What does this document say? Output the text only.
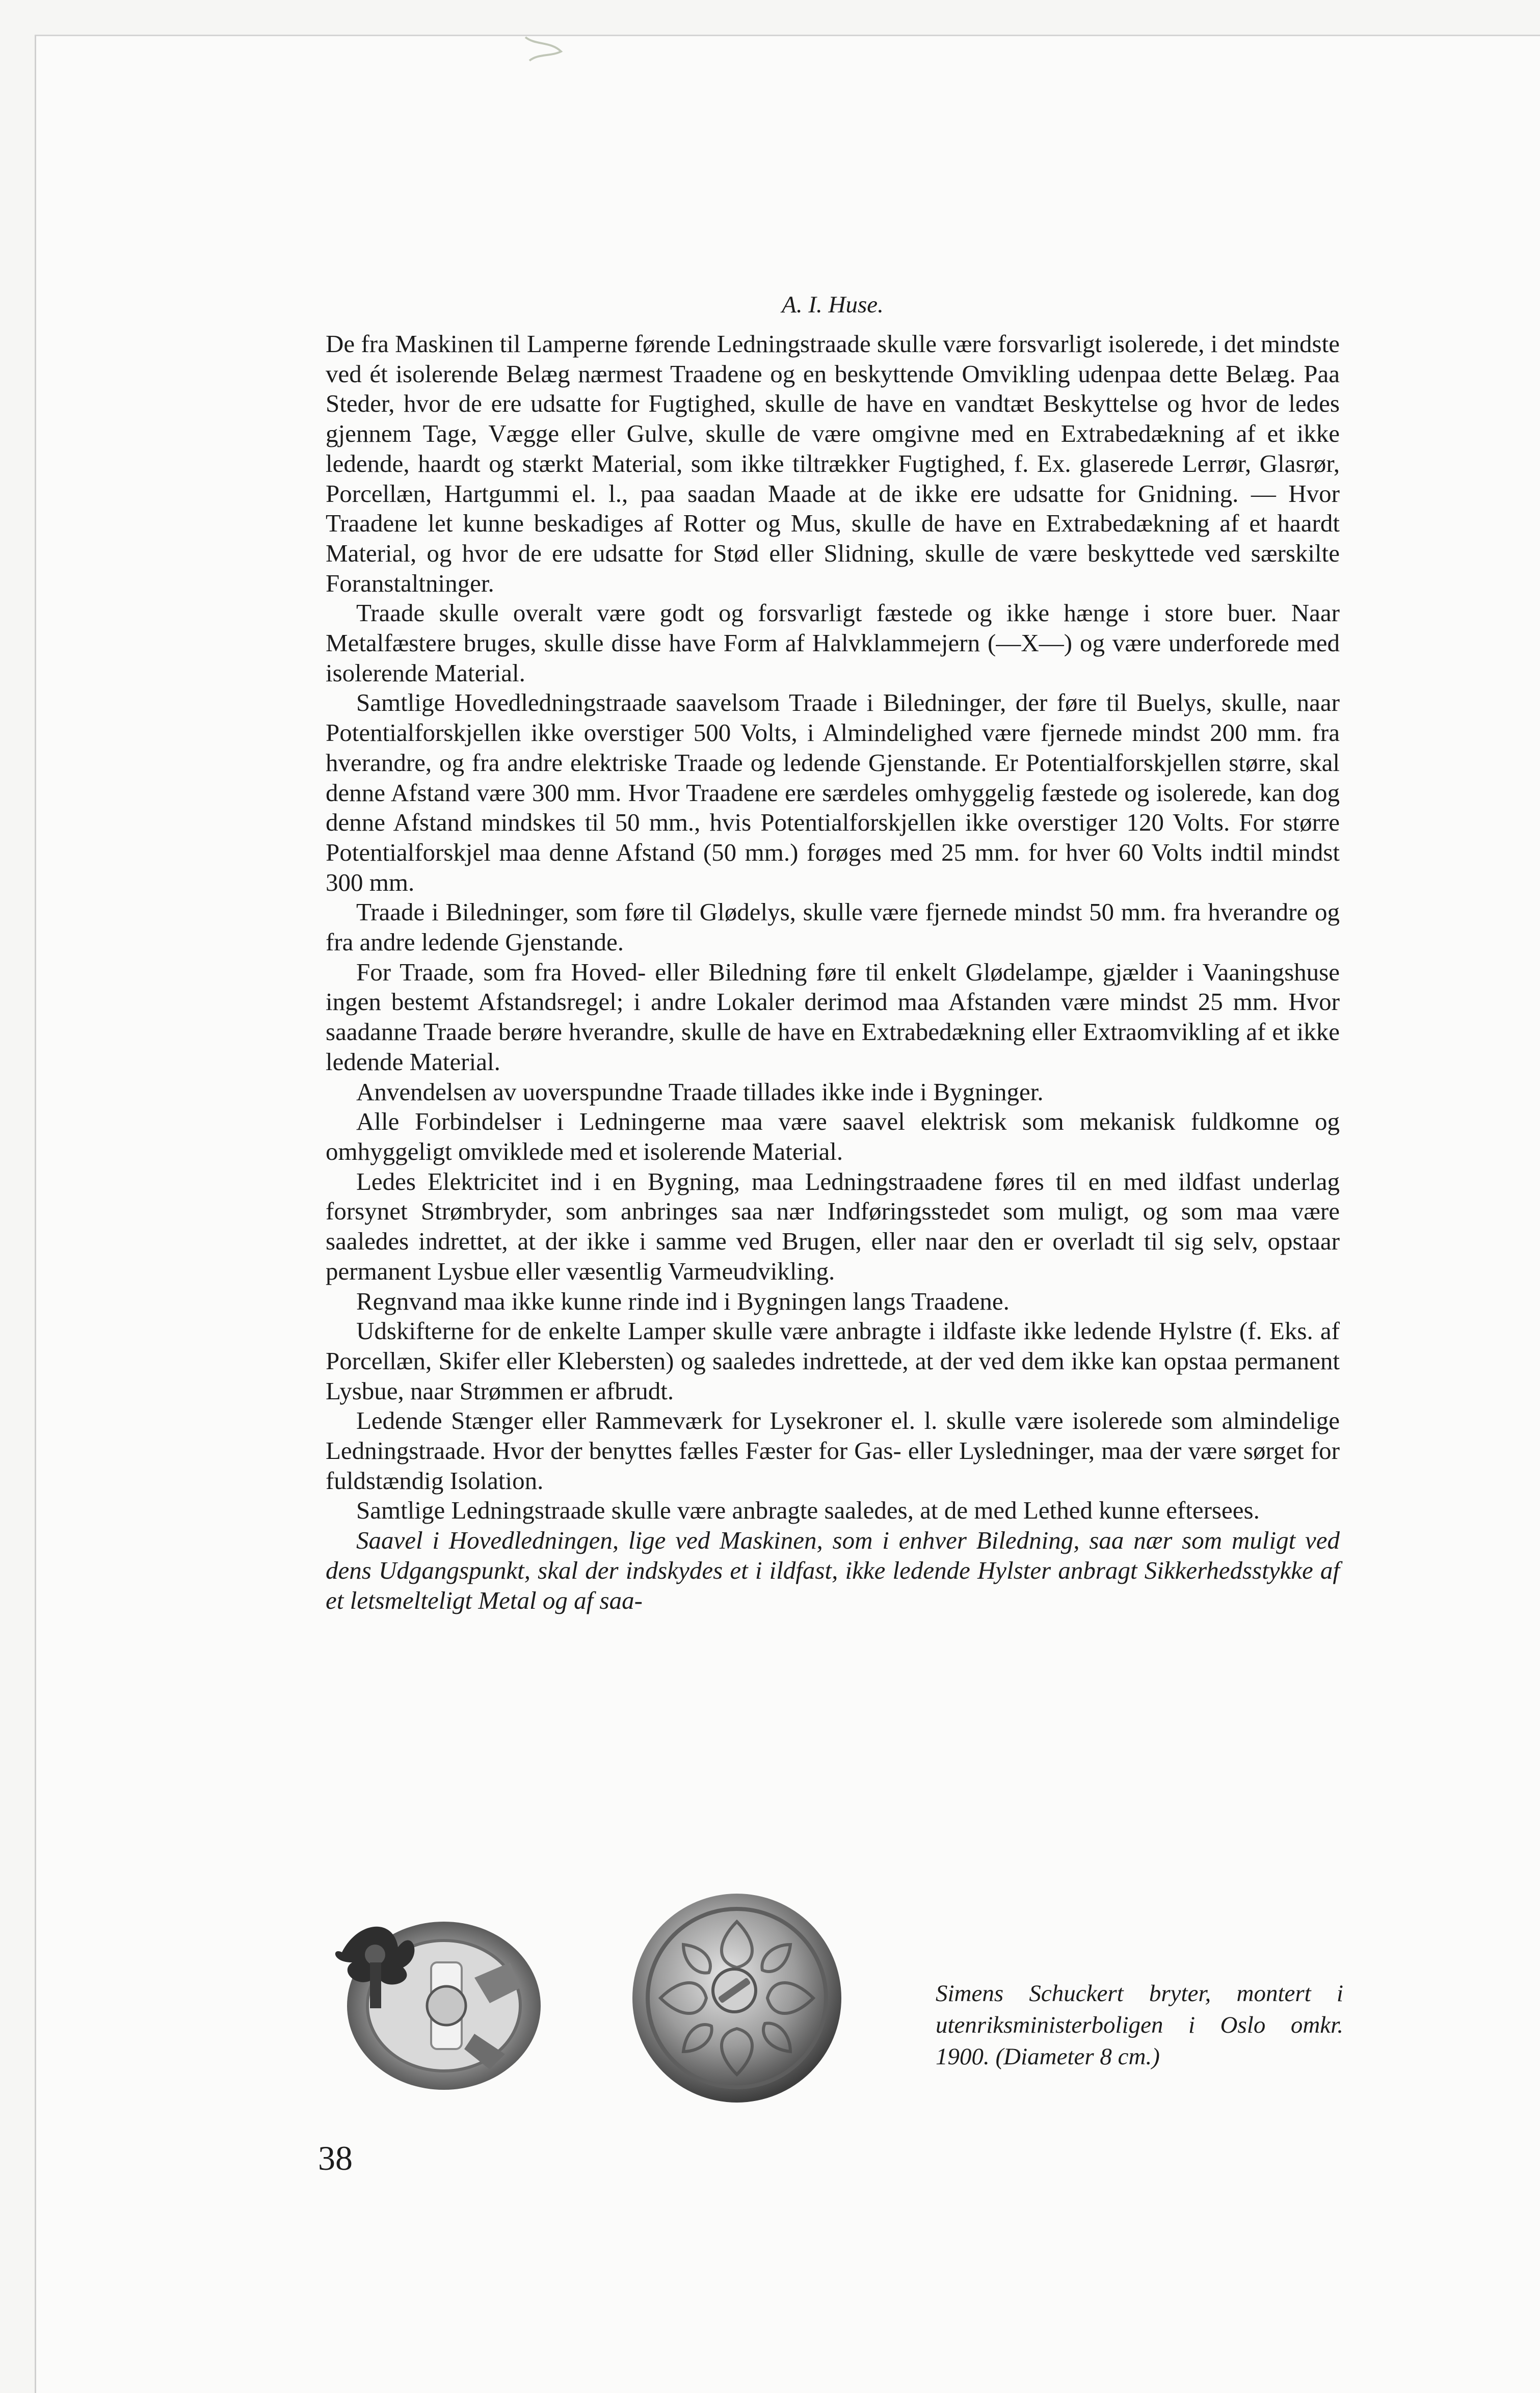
A. I. Huse.

De fra Maskinen til Lamperne førende Ledningstraade skulle være forsvarligt isolerede, i det mindste ved ét isolerende Belæg nærmest Traadene og en beskyttende Omvikling udenpaa dette Belæg. Paa Steder, hvor de ere udsatte for Fugtighed, skulle de have en vandtæt Beskyttelse og hvor de ledes gjennem Tage, Vægge eller Gulve, skulle de være omgivne med en Extrabedækning af et ikke ledende, haardt og stærkt Material, som ikke tiltrækker Fugtighed, f. Ex. glaserede Lerrør, Glasrør, Porcellæn, Hartgummi el. l., paa saadan Maade at de ikke ere udsatte for Gnidning. — Hvor Traadene let kunne beskadiges af Rotter og Mus, skulle de have en Extrabedækning af et haardt Material, og hvor de ere udsatte for Stød eller Slidning, skulle de være beskyttede ved særskilte Foranstaltninger.

Traade skulle overalt være godt og forsvarligt fæstede og ikke hænge i store buer. Naar Metalfæstere bruges, skulle disse have Form af Halvklammejern (—X—) og være underforede med isolerende Material.

Samtlige Hovedledningstraade saavelsom Traade i Biledninger, der føre til Buelys, skulle, naar Potentialforskjellen ikke overstiger 500 Volts, i Almindelighed være fjernede mindst 200 mm. fra hverandre, og fra andre elektriske Traade og ledende Gjenstande. Er Potentialforskjellen større, skal denne Afstand være 300 mm. Hvor Traadene ere særdeles omhyggelig fæstede og isolerede, kan dog denne Afstand mindskes til 50 mm., hvis Potentialforskjellen ikke overstiger 120 Volts. For større Potentialforskjel maa denne Afstand (50 mm.) forøges med 25 mm. for hver 60 Volts indtil mindst 300 mm.

Traade i Biledninger, som føre til Glødelys, skulle være fjernede mindst 50 mm. fra hverandre og fra andre ledende Gjenstande.

For Traade, som fra Hoved- eller Biledning føre til enkelt Glødelampe, gjælder i Vaaningshuse ingen bestemt Afstandsregel; i andre Lokaler derimod maa Afstanden være mindst 25 mm. Hvor saadanne Traade berøre hverandre, skulle de have en Extrabedækning eller Extraomvikling af et ikke ledende Material.

Anvendelsen av uoverspundne Traade tillades ikke inde i Bygninger.

Alle Forbindelser i Ledningerne maa være saavel elektrisk som mekanisk fuldkomne og omhyggeligt omviklede med et isolerende Material.

Ledes Elektricitet ind i en Bygning, maa Ledningstraadene føres til en med ildfast underlag forsynet Strømbryder, som anbringes saa nær Indføringsstedet som muligt, og som maa være saaledes indrettet, at der ikke i samme ved Brugen, eller naar den er overladt til sig selv, opstaar permanent Lysbue eller væsentlig Varmeudvikling.

Regnvand maa ikke kunne rinde ind i Bygningen langs Traadene.

Udskifterne for de enkelte Lamper skulle være anbragte i ildfaste ikke ledende Hylstre (f. Eks. af Porcellæn, Skifer eller Klebersten) og saaledes indrettede, at der ved dem ikke kan opstaa permanent Lysbue, naar Strømmen er afbrudt.

Ledende Stænger eller Rammeværk for Lysekroner el. l. skulle være isolerede som almindelige Ledningstraade. Hvor der benyttes fælles Fæster for Gas- eller Lysledninger, maa der være sørget for fuldstændig Isolation.

Samtlige Ledningstraade skulle være anbragte saaledes, at de med Lethed kunne eftersees.

Saavel i Hovedledningen, lige ved Maskinen, som i enhver Biledning, saa nær som muligt ved dens Udgangspunkt, skal der indskydes et i ildfast, ikke ledende Hylster anbragt Sikkerhedsstykke af et letsmelteligt Metal og af saa-

Simens Schuckert bryter, montert i utenriksministerboligen i Oslo omkr. 1900. (Diameter 8 cm.)
38
